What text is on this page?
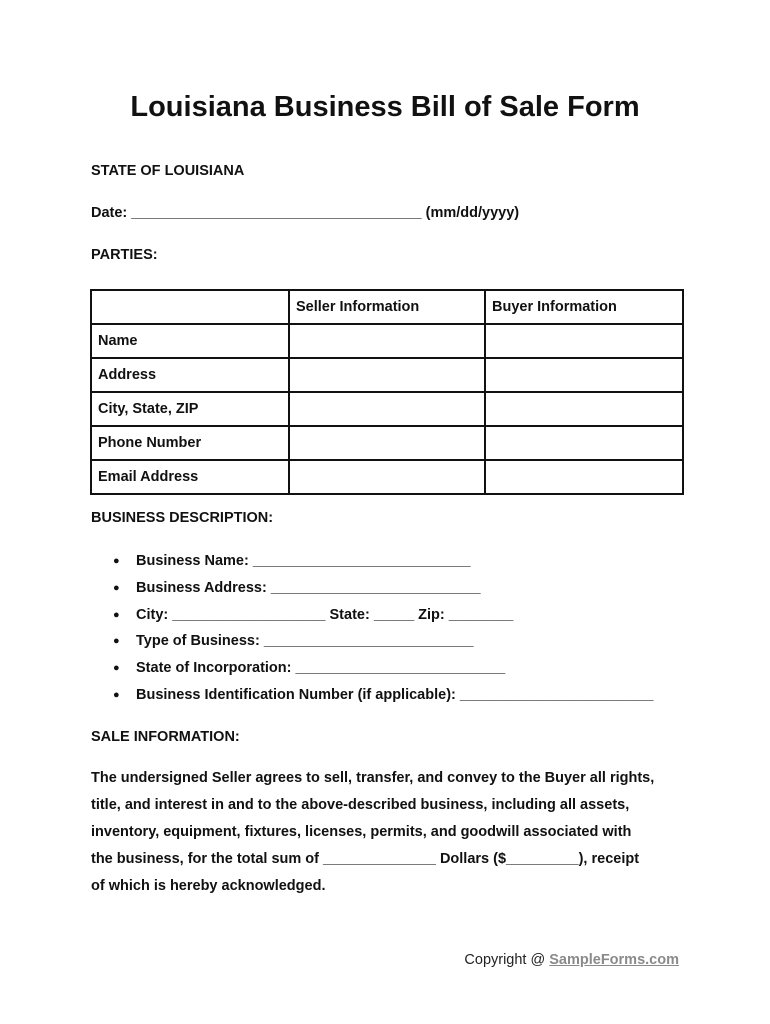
Louisiana Business Bill of Sale Form
STATE OF LOUISIANA
Date: ____________________________________ (mm/dd/yyyy)
PARTIES:
	Seller Information	Buyer Information
Name		
Address		
City, State, ZIP		
Phone Number		
Email Address		
BUSINESS DESCRIPTION:
● Business Name: ___________________________
● Business Address: __________________________
● City: ___________________ State: _____ Zip: ________
● Type of Business: __________________________
● State of Incorporation: __________________________
● Business Identification Number (if applicable): ________________________
SALE INFORMATION:
The undersigned Seller agrees to sell, transfer, and convey to the Buyer all rights,
title, and interest in and to the above-described business, including all assets,
inventory, equipment, fixtures, licenses, permits, and goodwill associated with
the business, for the total sum of ______________ Dollars ($_________), receipt
of which is hereby acknowledged.
Copyright @ SampleForms.com
